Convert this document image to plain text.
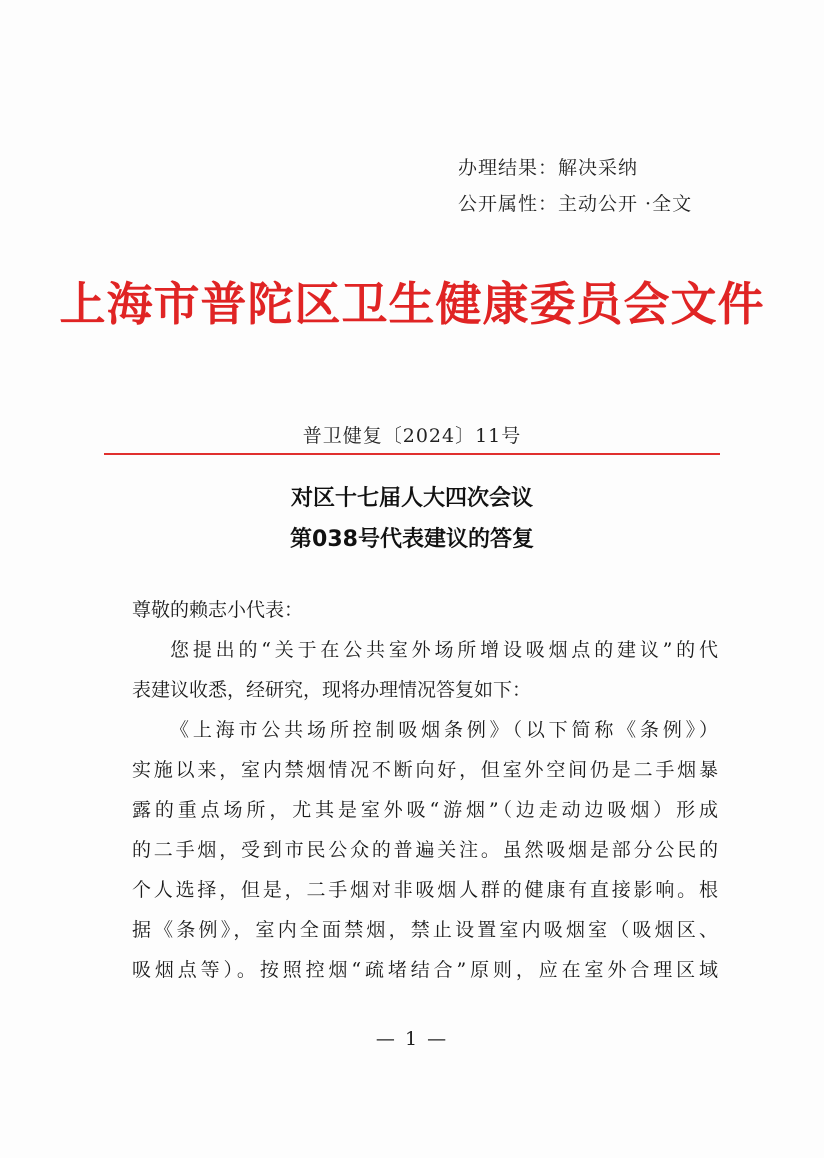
办理结果：解决采纳
公开属性：主动公开 ·全文
上海市普陀区卫生健康委员会文件
普卫健复〔2024〕11号
对区十七届人大四次会议
第038号代表建议的答复
尊敬的赖志小代表：
您提出的“关于在公共室外场所增设吸烟点的建议”的代
表建议收悉，经研究，现将办理情况答复如下：
《上海市公共场所控制吸烟条例》（以下简称《条例》）
实施以来，室内禁烟情况不断向好，但室外空间仍是二手烟暴
露的重点场所，尤其是室外吸“游烟”（边走动边吸烟）形成
的二手烟，受到市民公众的普遍关注。虽然吸烟是部分公民的
个人选择，但是，二手烟对非吸烟人群的健康有直接影响。根
据《条例》，室内全面禁烟，禁止设置室内吸烟室（吸烟区、
吸烟点等）。按照控烟“疏堵结合”原则，应在室外合理区域
— 1 —
